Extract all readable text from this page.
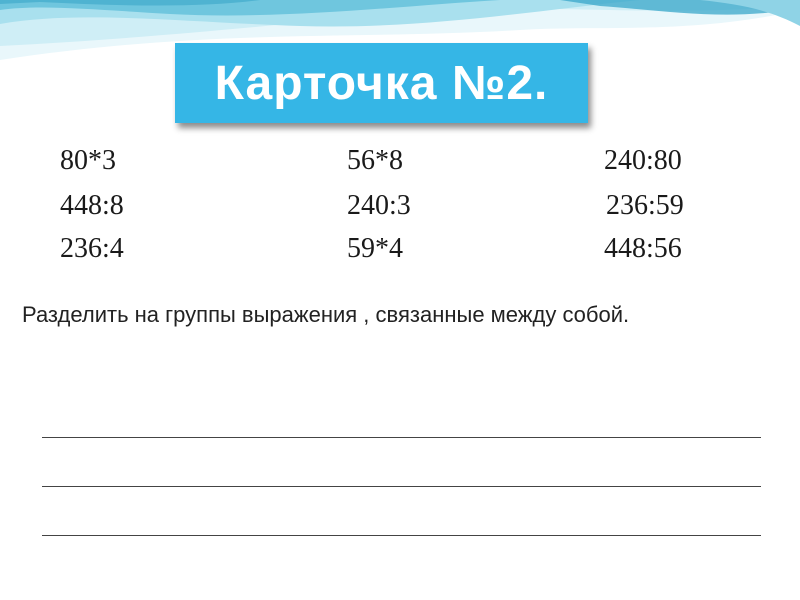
Карточка №2.
80*3
448:8
236:4
56*8
240:3
59*4
240:80
236:59
448:56
Разделить на группы выражения , связанные между собой.
